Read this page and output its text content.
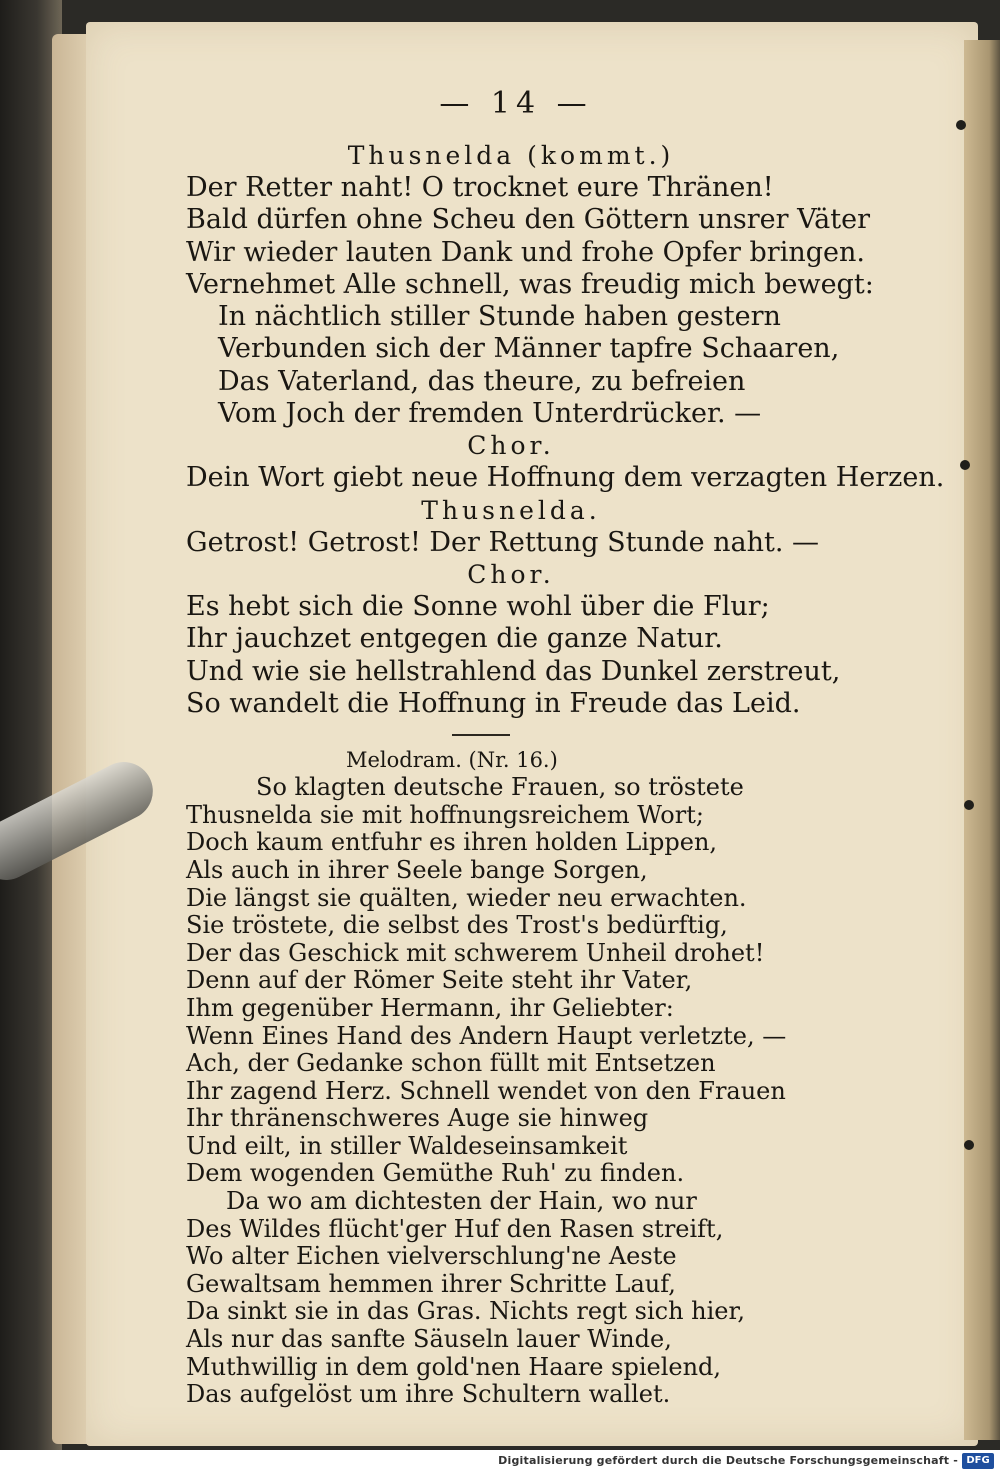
— 14 —
Thusnelda (kommt.)
Der Retter naht! O trocknet eure Thränen!
Bald dürfen ohne Scheu den Göttern unsrer Väter
Wir wieder lauten Dank und frohe Opfer bringen.
Vernehmet Alle schnell, was freudig mich bewegt:
In nächtlich stiller Stunde haben gestern
Verbunden sich der Männer tapfre Schaaren,
Das Vaterland, das theure, zu befreien
Vom Joch der fremden Unterdrücker. —
Chor.
Dein Wort giebt neue Hoffnung dem verzagten Herzen.
Thusnelda.
Getrost! Getrost! Der Rettung Stunde naht. —
Chor.
Es hebt sich die Sonne wohl über die Flur;
Ihr jauchzet entgegen die ganze Natur.
Und wie sie hellstrahlend das Dunkel zerstreut,
So wandelt die Hoffnung in Freude das Leid.
Melodram. (Nr. 16.)
So klagten deutsche Frauen, so tröstete
Thusnelda sie mit hoffnungsreichem Wort;
Doch kaum entfuhr es ihren holden Lippen,
Als auch in ihrer Seele bange Sorgen,
Die längst sie quälten, wieder neu erwachten.
Sie tröstete, die selbst des Trost's bedürftig,
Der das Geschick mit schwerem Unheil drohet!
Denn auf der Römer Seite steht ihr Vater,
Ihm gegenüber Hermann, ihr Geliebter:
Wenn Eines Hand des Andern Haupt verletzte, —
Ach, der Gedanke schon füllt mit Entsetzen
Ihr zagend Herz. Schnell wendet von den Frauen
Ihr thränenschweres Auge sie hinweg
Und eilt, in stiller Waldeseinsamkeit
Dem wogenden Gemüthe Ruh' zu finden.
Da wo am dichtesten der Hain, wo nur
Des Wildes flücht'ger Huf den Rasen streift,
Wo alter Eichen vielverschlung'ne Aeste
Gewaltsam hemmen ihrer Schritte Lauf,
Da sinkt sie in das Gras. Nichts regt sich hier,
Als nur das sanfte Säuseln lauer Winde,
Muthwillig in dem gold'nen Haare spielend,
Das aufgelöst um ihre Schultern wallet.
Digitalisierung gefördert durch die Deutsche Forschungsgemeinschaft - DFG
